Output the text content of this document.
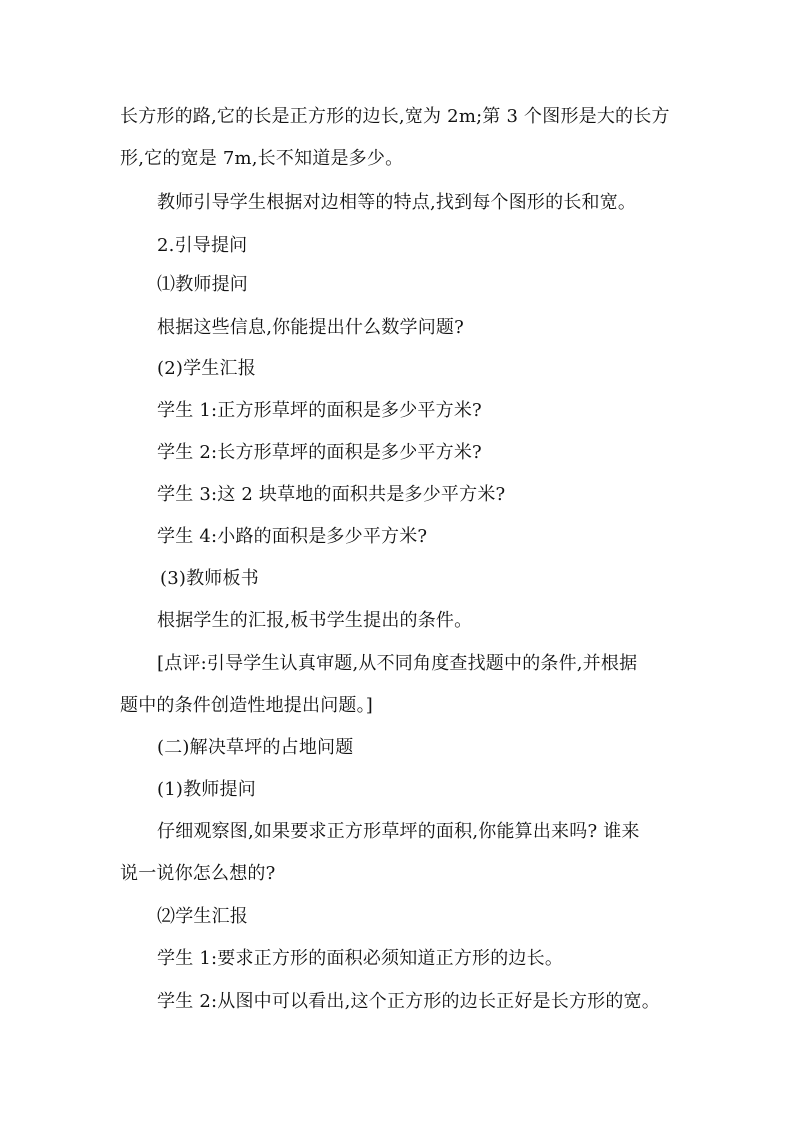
长方形的路,它的长是正方形的边长,宽为 2m;第 3 个图形是大的长方
形,它的宽是 7m,长不知道是多少。
教师引导学生根据对边相等的特点,找到每个图形的长和宽。
2.引导提问
⑴教师提问
根据这些信息,你能提出什么数学问题?
(2)学生汇报
学生 1:正方形草坪的面积是多少平方米?
学生 2:长方形草坪的面积是多少平方米?
学生 3:这 2 块草地的面积共是多少平方米?
学生 4:小路的面积是多少平方米?
(3)教师板书
根据学生的汇报,板书学生提出的条件。
[点评:引导学生认真审题,从不同角度查找题中的条件,并根据
题中的条件创造性地提出问题。]
(二)解决草坪的占地问题
(1)教师提问
仔细观察图,如果要求正方形草坪的面积,你能算出来吗? 谁来
说一说你怎么想的?
⑵学生汇报
学生 1:要求正方形的面积必须知道正方形的边长。
学生 2:从图中可以看出,这个正方形的边长正好是长方形的宽。
